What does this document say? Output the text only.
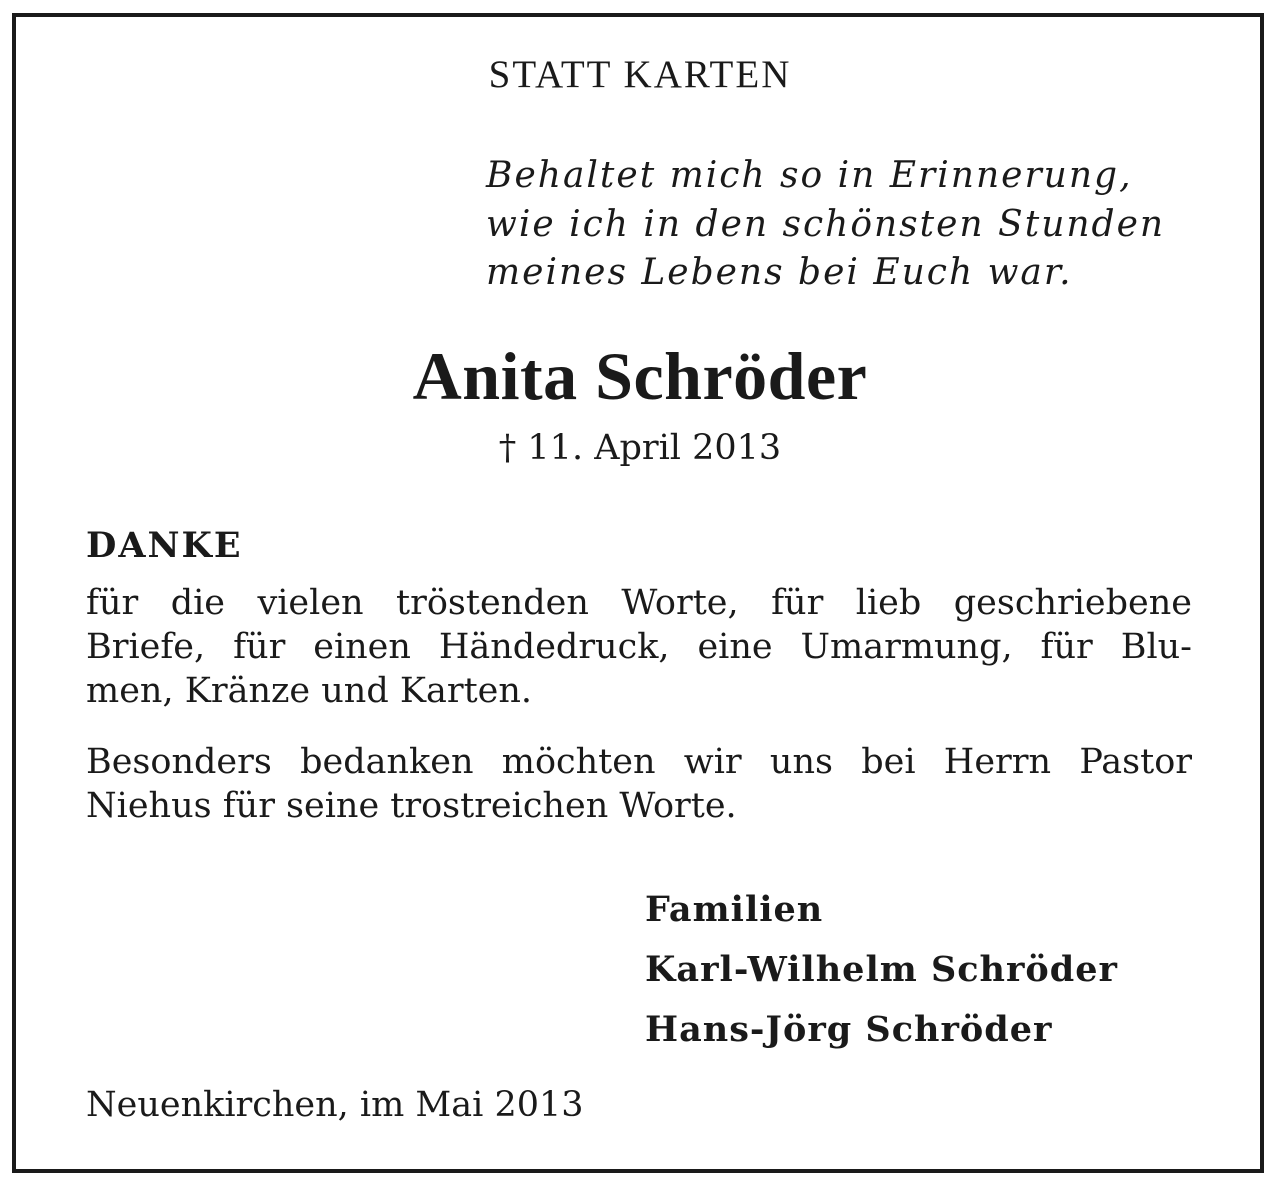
STATT KARTEN
Behaltet mich so in Erinnerung,
wie ich in den schönsten Stunden
meines Lebens bei Euch war.
Anita Schröder
† 11. April 2013
DANKE
für die vielen tröstenden Worte, für lieb geschriebene
Briefe, für einen Händedruck, eine Umarmung, für Blu-
men, Kränze und Karten.
Besonders bedanken möchten wir uns bei Herrn Pastor
Niehus für seine trostreichen Worte.
Familien
Karl-Wilhelm Schröder
Hans-Jörg Schröder
Neuenkirchen, im Mai 2013
